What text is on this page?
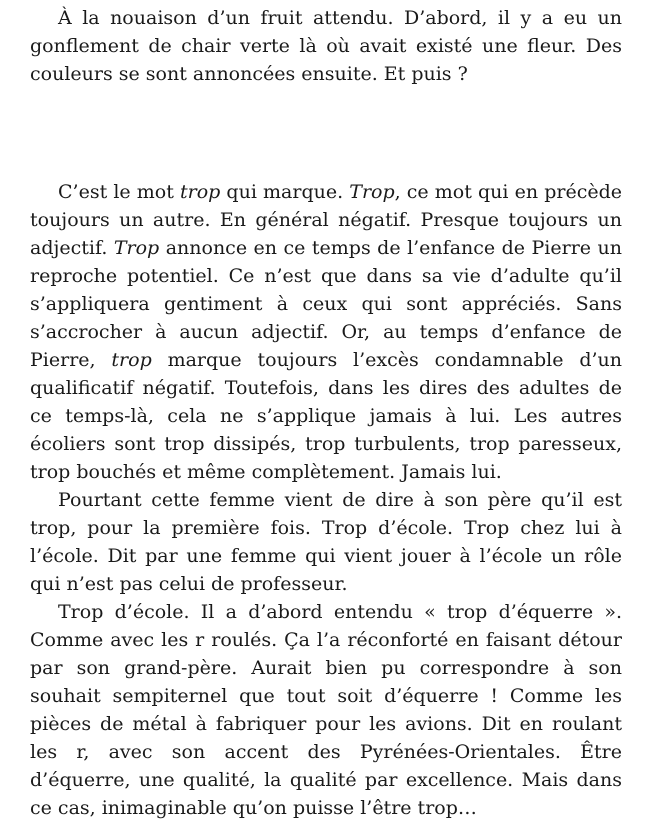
À la nouaison d’un fruit attendu. D’abord, il y a eu un gonflement de chair verte là où avait existé une fleur. Des couleurs se sont annoncées ensuite. Et puis ?

C’est le mot trop qui marque. Trop, ce mot qui en précède toujours un autre. En général négatif. Presque toujours un adjectif. Trop annonce en ce temps de l’enfance de Pierre un reproche potentiel. Ce n’est que dans sa vie d’adulte qu’il s’appliquera gentiment à ceux qui sont appréciés. Sans s’accrocher à aucun adjectif. Or, au temps d’enfance de Pierre, trop marque toujours l’excès condamnable d’un qualificatif négatif. Toutefois, dans les dires des adultes de ce temps-là, cela ne s’applique jamais à lui. Les autres écoliers sont trop dissipés, trop turbulents, trop paresseux, trop bouchés et même complètement. Jamais lui.

Pourtant cette femme vient de dire à son père qu’il est trop, pour la première fois. Trop d’école. Trop chez lui à l’école. Dit par une femme qui vient jouer à l’école un rôle qui n’est pas celui de professeur.

Trop d’école. Il a d’abord entendu « trop d’équerre ». Comme avec les r roulés. Ça l’a réconforté en faisant détour par son grand-père. Aurait bien pu correspondre à son souhait sempiternel que tout soit d’équerre ! Comme les pièces de métal à fabriquer pour les avions. Dit en roulant les r, avec son accent des Pyrénées-Orientales. Être d’équerre, une qualité, la qualité par excellence. Mais dans ce cas, inimaginable qu’on puisse l’être trop…
